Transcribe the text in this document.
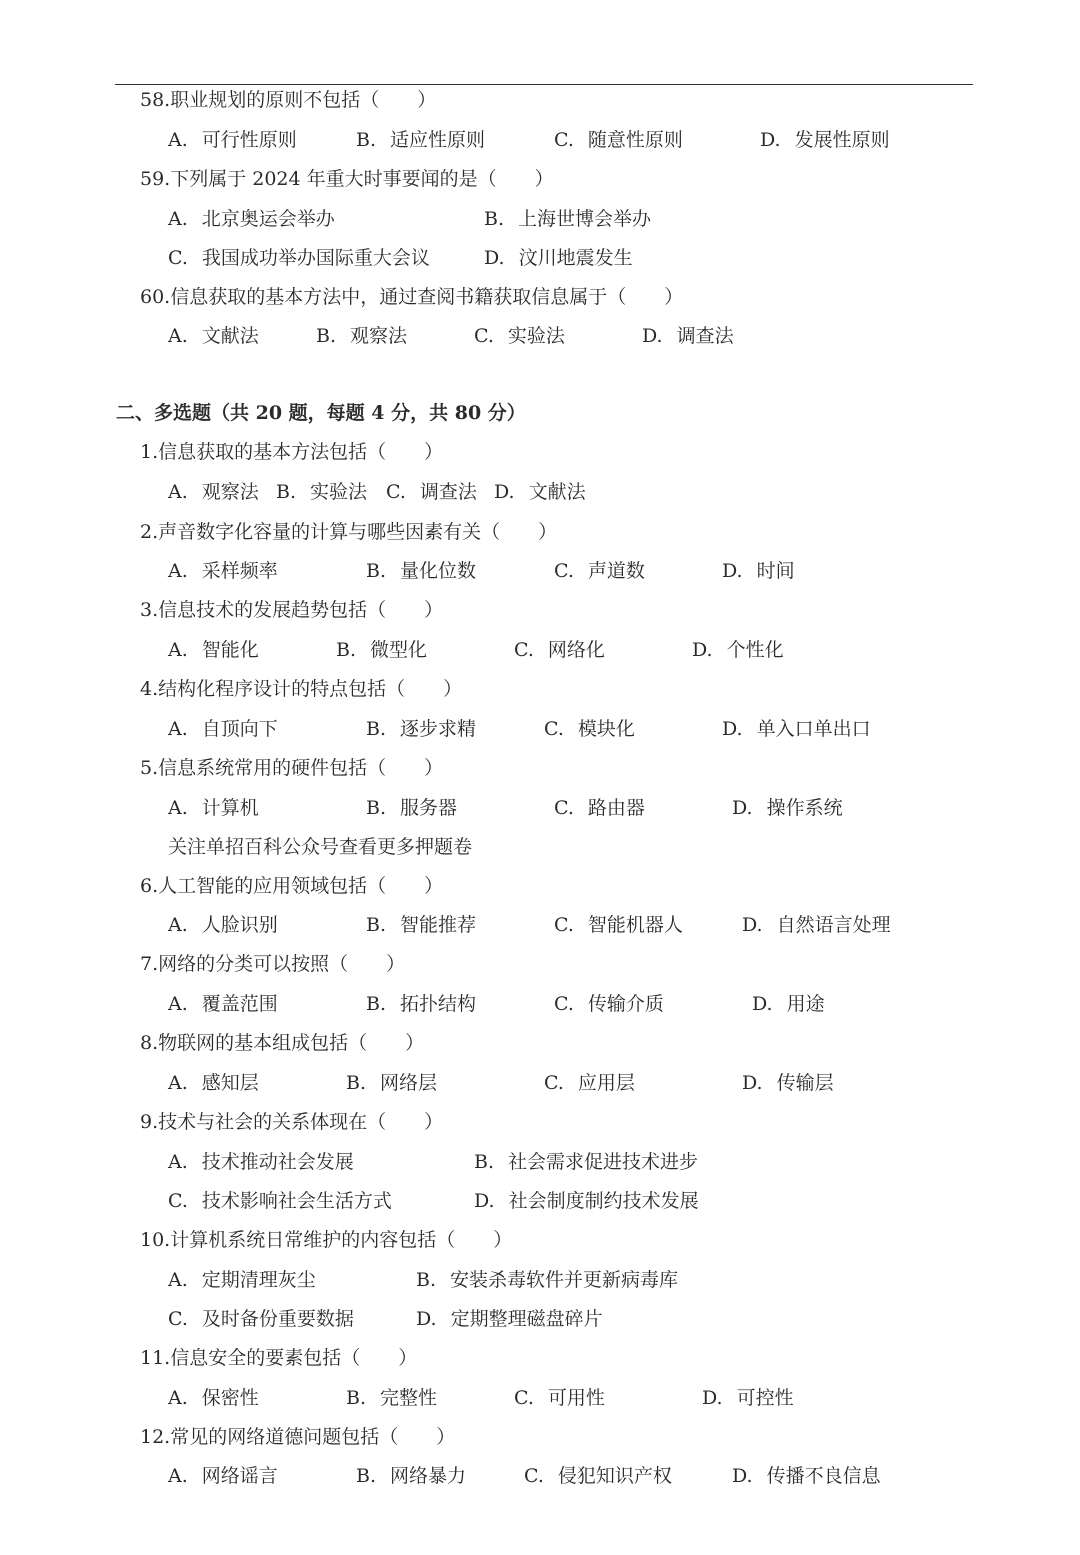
58.职业规划的原则不包括（　　）
A. 可行性原则	B. 适应性原则	C. 随意性原则	D. 发展性原则
59.下列属于 2024 年重大时事要闻的是（　　）
A. 北京奥运会举办	B. 上海世博会举办
C. 我国成功举办国际重大会议	D. 汶川地震发生
60.信息获取的基本方法中，通过查阅书籍获取信息属于（　　）
A. 文献法	B. 观察法	C. 实验法	D. 调查法
二、多选题（共 20 题，每题 4 分，共 80 分）
1.信息获取的基本方法包括（　　）
A. 观察法 B. 实验法 C. 调查法 D. 文献法
2.声音数字化容量的计算与哪些因素有关（　　）
A. 采样频率	B. 量化位数	C. 声道数	D. 时间
3.信息技术的发展趋势包括（　　）
A. 智能化	B. 微型化	C. 网络化	D. 个性化
4.结构化程序设计的特点包括（　　）
A. 自顶向下	B. 逐步求精	C. 模块化	D. 单入口单出口
5.信息系统常用的硬件包括（　　）
A. 计算机	B. 服务器	C. 路由器	D. 操作系统
关注单招百科公众号查看更多押题卷
6.人工智能的应用领域包括（　　）
A. 人脸识别	B. 智能推荐	C. 智能机器人	D. 自然语言处理
7.网络的分类可以按照（　　）
A. 覆盖范围	B. 拓扑结构	C. 传输介质	D. 用途
8.物联网的基本组成包括（　　）
A. 感知层	B. 网络层	C. 应用层	D. 传输层
9.技术与社会的关系体现在（　　）
A. 技术推动社会发展	B. 社会需求促进技术进步
C. 技术影响社会生活方式	D. 社会制度制约技术发展
10.计算机系统日常维护的内容包括（　　）
A. 定期清理灰尘	B. 安装杀毒软件并更新病毒库
C. 及时备份重要数据	D. 定期整理磁盘碎片
11.信息安全的要素包括（　　）
A. 保密性	B. 完整性	C. 可用性	D. 可控性
12.常见的网络道德问题包括（　　）
A. 网络谣言	B. 网络暴力	C. 侵犯知识产权	D. 传播不良信息
